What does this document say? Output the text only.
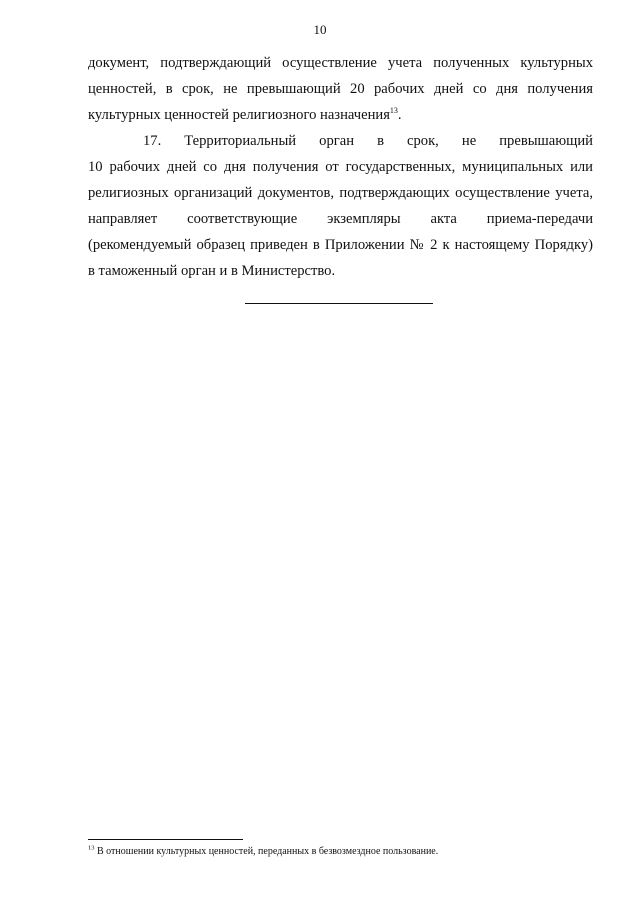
10
документ, подтверждающий осуществление учета полученных культурных
ценностей, в срок, не превышающий 20 рабочих дней со дня получения
культурных ценностей религиозного назначения$^{13}$.
17. Территориальный орган в срок, не превышающий
10 рабочих дней со дня получения от государственных, муниципальных или
религиозных организаций документов, подтверждающих осуществление учета,
направляет соответствующие экземпляры акта приема-передачи
(рекомендуемый образец приведен в Приложении № 2 к настоящему Порядку)
в таможенный орган и в Министерство.
$^{13}$ В отношении культурных ценностей, переданных в безвозмездное пользование.
